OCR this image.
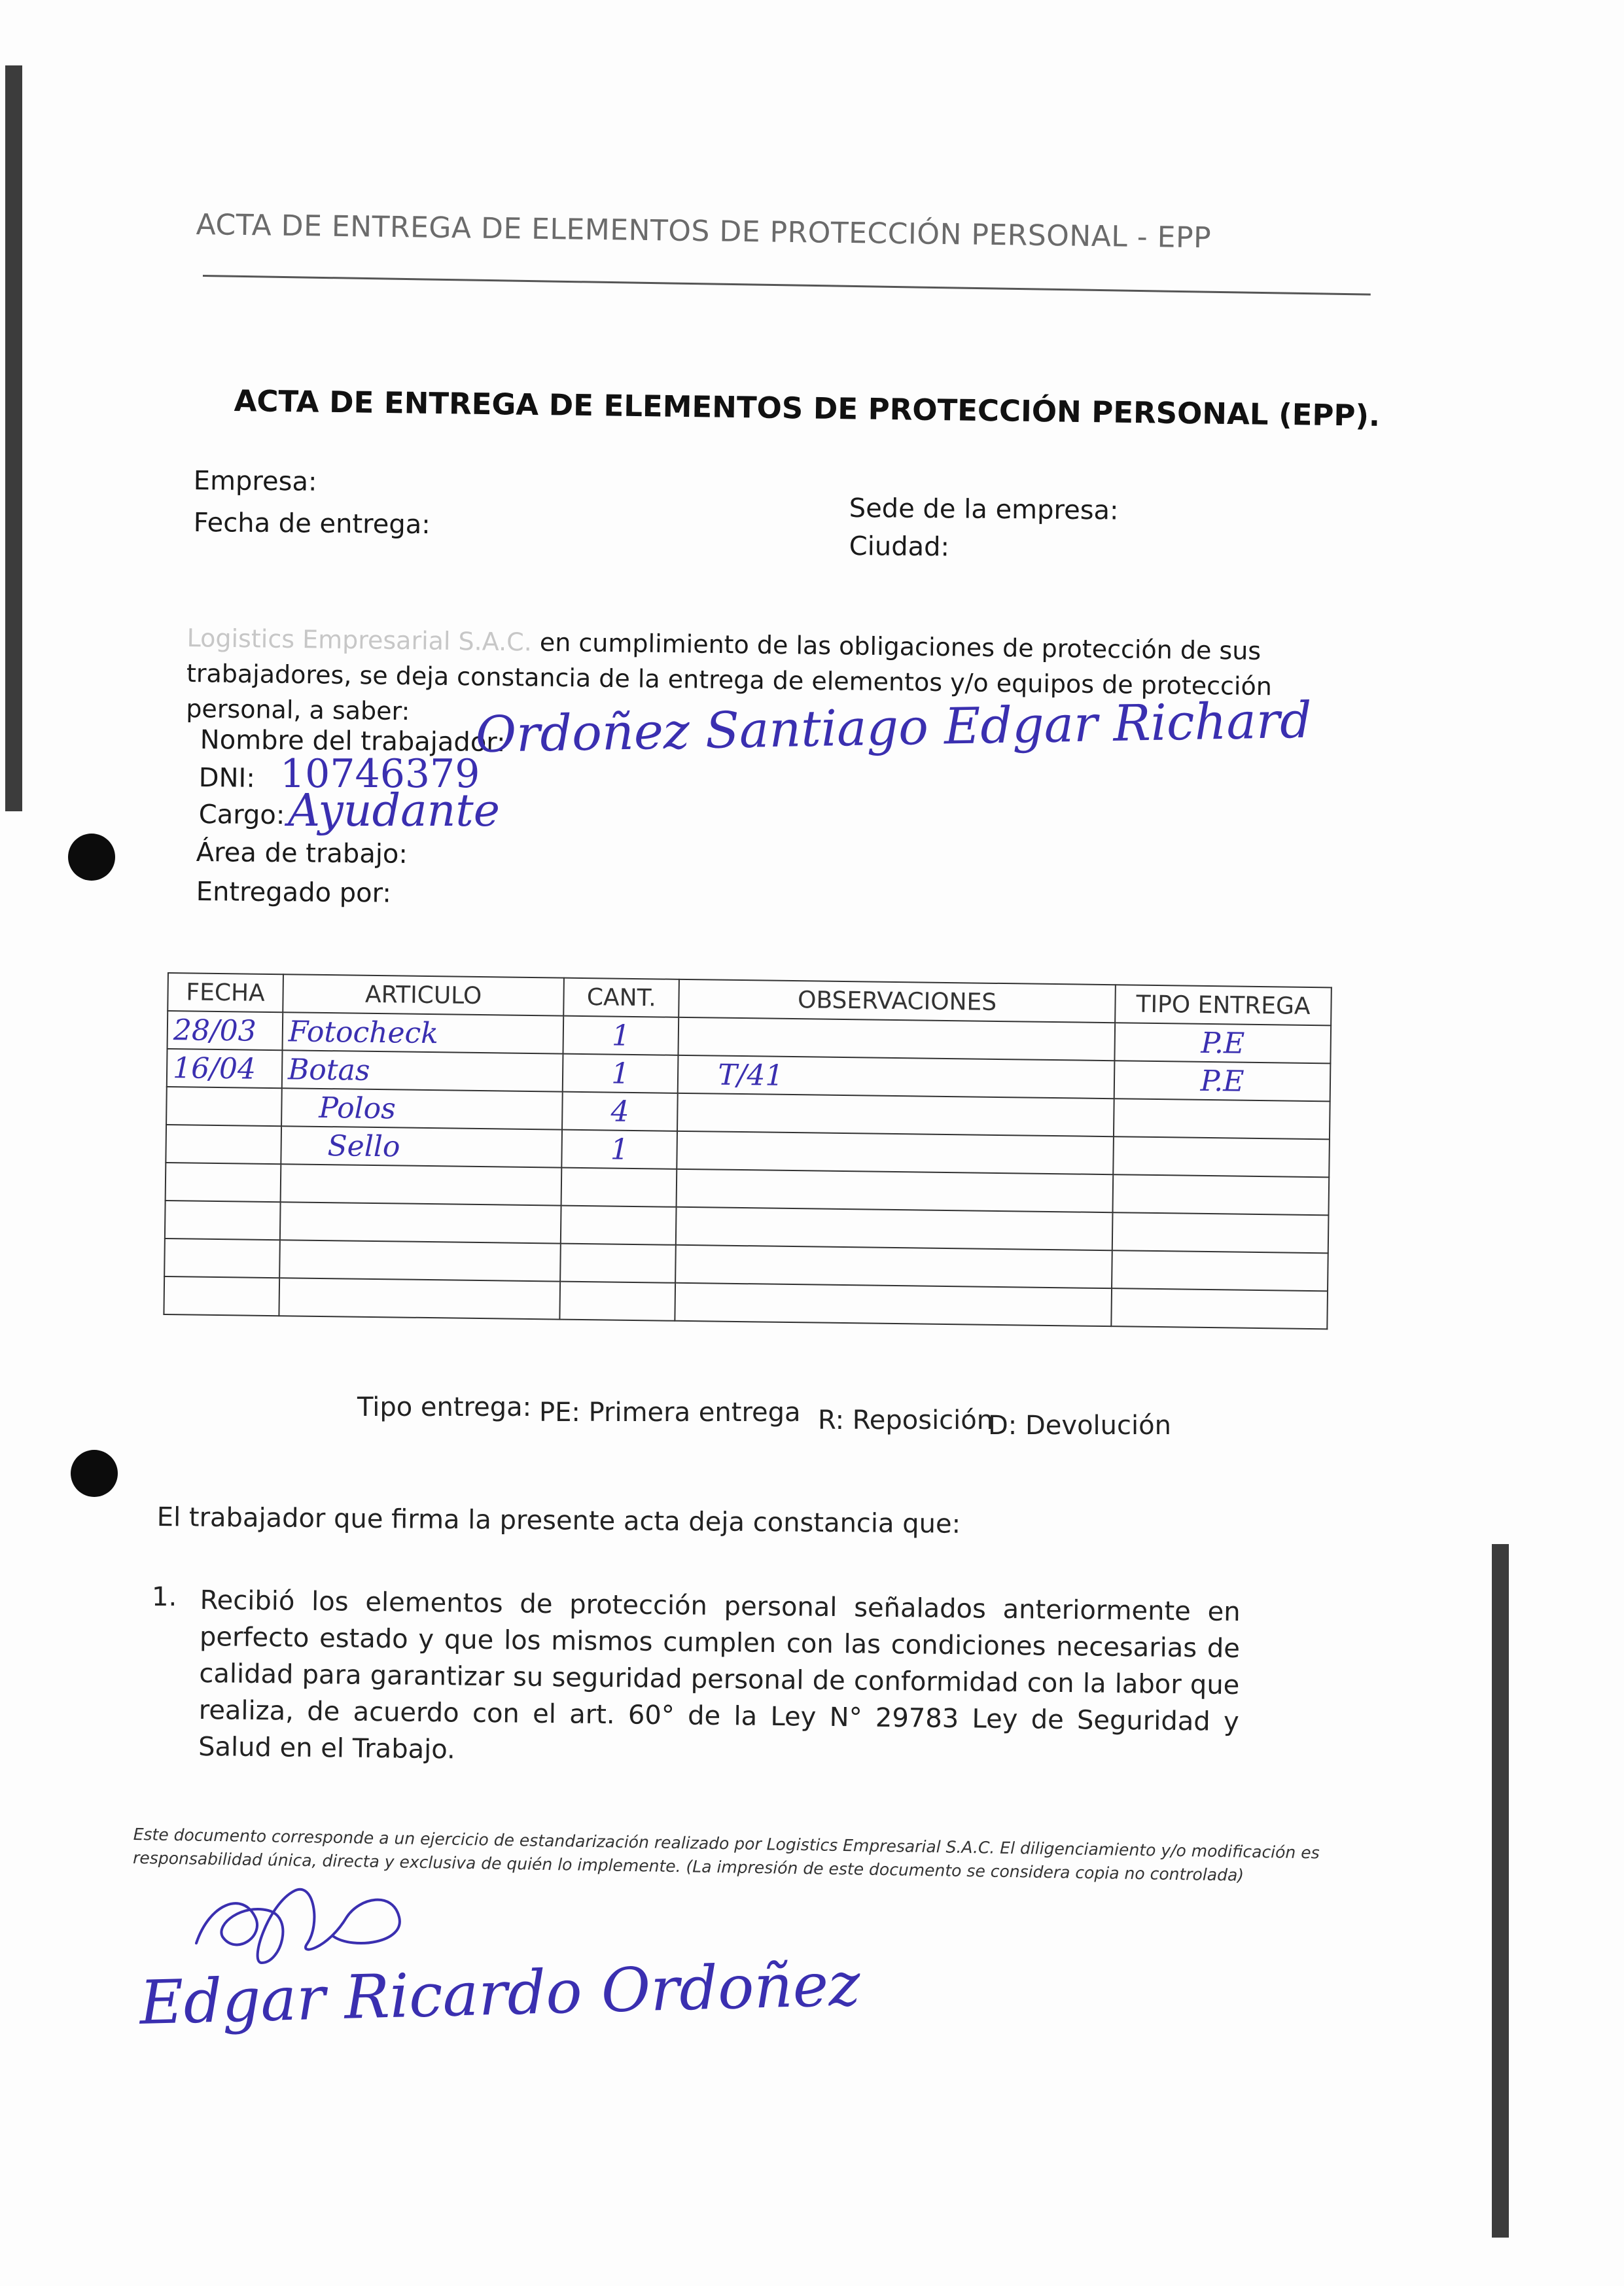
ACTA DE ENTREGA DE ELEMENTOS DE PROTECCIÓN PERSONAL - EPP
ACTA DE ENTREGA DE ELEMENTOS DE PROTECCIÓN PERSONAL (EPP).
Empresa:
Fecha de entrega:	Sede de la empresa:
Ciudad:
Logistics Empresarial S.A.C. en cumplimiento de las obligaciones de protección de sus trabajadores, se deja constancia de la entrega de elementos y/o equipos de protección personal, a saber:
Nombre del trabajador:
Ordoñez Santiago Edgar Richard
DNI: 10746379
Cargo: Ayudante
Área de trabajo:
Entregado por:
FECHA	ARTICULO	CANT.	OBSERVACIONES	TIPO ENTREGA
28/03	Fotocheck	1		P.E
16/04	Botas	1	T/41	P.E
	Polos	4		
	Sello	1		

Tipo entrega: PE: Primera entrega R: Reposición
D: Devolución
El trabajador que firma la presente acta deja constancia que:
1. Recibió los elementos de protección personal señalados anteriormente en perfecto estado y que los mismos cumplen con las condiciones necesarias de calidad para garantizar su seguridad personal de conformidad con la labor que realiza, de acuerdo con el art. 60° de la Ley N° 29783 Ley de Seguridad y Salud en el Trabajo.
Este documento corresponde a un ejercicio de estandarización realizado por Logistics Empresarial S.A.C. El diligenciamiento y/o modificación es responsabilidad única, directa y exclusiva de quién lo implemente. (La impresión de este documento se considera copia no controlada)
Edgar Ricardo Ordoñez
